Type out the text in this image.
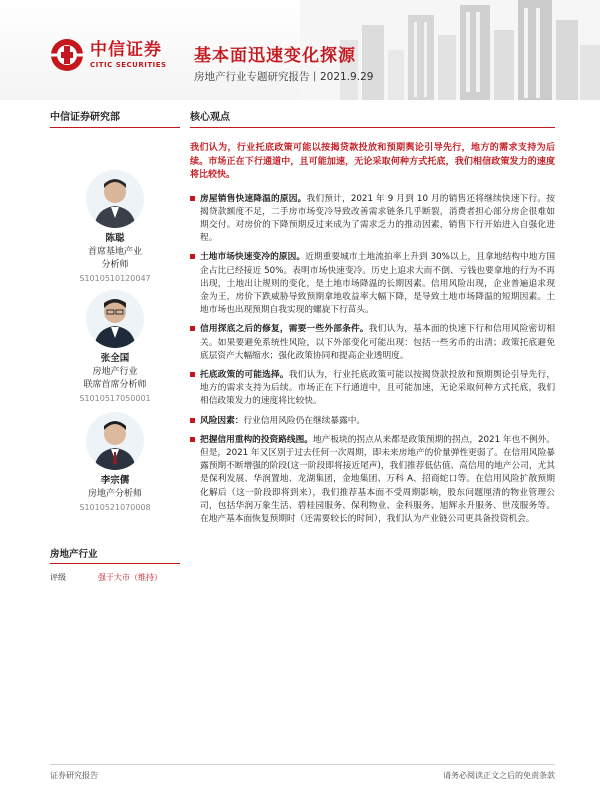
中信证券
CITIC SECURITIES 基本面迅速变化探源
房地产行业专题研究报告丨2021.9.29
中信证券研究部
陈聪
首席基地产业
分析师
S1010510120047
张全国
房地产行业
联席首席分析师
S1010517050001
李宗儒
房地产分析师
S1010521070008
房地产行业
评级	强于大市（维持）
核心观点
我们认为，行业托底政策可能以按揭贷款投放和预期舆论引导先行，地方的需求支持为后续。市场正在下行通道中，且可能加速，无论采取何种方式托底，我们相信政策发力的速度将比较快。
房屋销售快速降温的原因。我们预计，2021 年 9 月到 10 月的销售还将继续快速下行。按揭贷款额度不足，二手房市场变冷导致改善需求链条几乎断裂，消费者担心部分房企很难如期交付。对房价的下降预期反过来成为了需求乏力的推动因素，销售下行开始进入自强化进程。
土地市场快速变冷的原因。近期重要城市土地流拍率上升到 30%以上，且拿地结构中地方国企占比已经接近 50%。表明市场快速变冷。历史上追求大而不倒、亏钱也要拿地的行为不再出现，土地出让规则的变化，是土地市场降温的长期因素。信用风险出现，企业普遍追求现金为王，房价下跌威胁导致预期拿地收益率大幅下降，是导致土地市场降温的短期因素。土地市场也出现预期自我实现的螺旋下行苗头。
信用探底之后的修复，需要一些外部条件。我们认为，基本面的快速下行和信用风险密切相关。如果要避免系统性风险，以下外部变化可能出现：包括一些劣币的出清；政策托底避免底层资产大幅缩水；强化政策协同和提高企业透明度。
托底政策的可能选择。我们认为，行业托底政策可能以按揭贷款投放和预期舆论引导先行，地方的需求支持为后续。市场正在下行通道中，且可能加速，无论采取何种方式托底，我们相信政策发力的速度将比较快。
风险因素：行业信用风险仍在继续暴露中。
把握信用重构的投资路线图。地产板块的拐点从来都是政策预期的拐点，2021 年也不例外。但是，2021 年又区别于过去任何一次周期，即未来房地产的价量弹性更弱了。在信用风险暴露预期不断增强的阶段(这一阶段即将接近尾声)，我们推荐低估值、高信用的地产公司，尤其是保利发展、华润置地、龙湖集团，金地集团、万科 A、招商蛇口等。在信用风险扩散预期化解后（这一阶段即将到来），我们推荐基本面不受周期影响，股东问题厘清的物业管理公司，包括华润万象生活、碧桂园服务、保利物业、金科服务、旭辉永升服务、世茂服务等。在地产基本面恢复预期时（还需要较长的时间），我们认为产业链公司更具备投资机会。
证券研究报告	请务必阅读正文之后的免责条款
